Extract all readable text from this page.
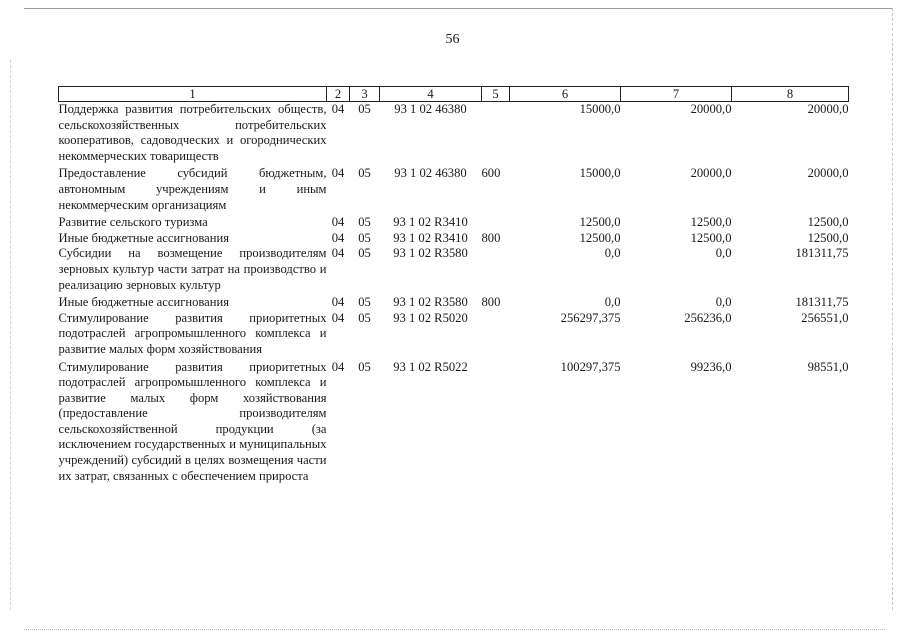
56
1	2	3	4	5	6	7	8
Поддержка развития потребительских обществ, сельскохозяйственных потребительских кооперативов, садоводческих и огороднических некоммерческих товариществ	04	05	93 1 02 46380		15000,0	20000,0	20000,0
Предоставление субсидий бюджетным, автономным учреждениям и иным некоммерческим организациям	04	05	93 1 02 46380	600	15000,0	20000,0	20000,0
Развитие сельского туризма	04	05	93 1 02 R3410		12500,0	12500,0	12500,0
Иные бюджетные ассигнования	04	05	93 1 02 R3410	800	12500,0	12500,0	12500,0
Субсидии на возмещение производителям зерновых культур части затрат на производство и реализацию зерновых культур	04	05	93 1 02 R3580		0,0	0,0	181311,75
Иные бюджетные ассигнования	04	05	93 1 02 R3580	800	0,0	0,0	181311,75
Стимулирование развития приоритетных подотраслей агропромышленного комплекса и развитие малых форм хозяйствования	04	05	93 1 02 R5020		256297,375	256236,0	256551,0
Стимулирование развития приоритетных подотраслей агропромышленного комплекса и развитие малых форм хозяйствования (предоставление производителям сельскохозяйственной продукции (за исключением государственных и муниципальных учреждений) субсидий в целях возмещения части их затрат, связанных с обеспечением прироста	04	05	93 1 02 R5022		100297,375	99236,0	98551,0
